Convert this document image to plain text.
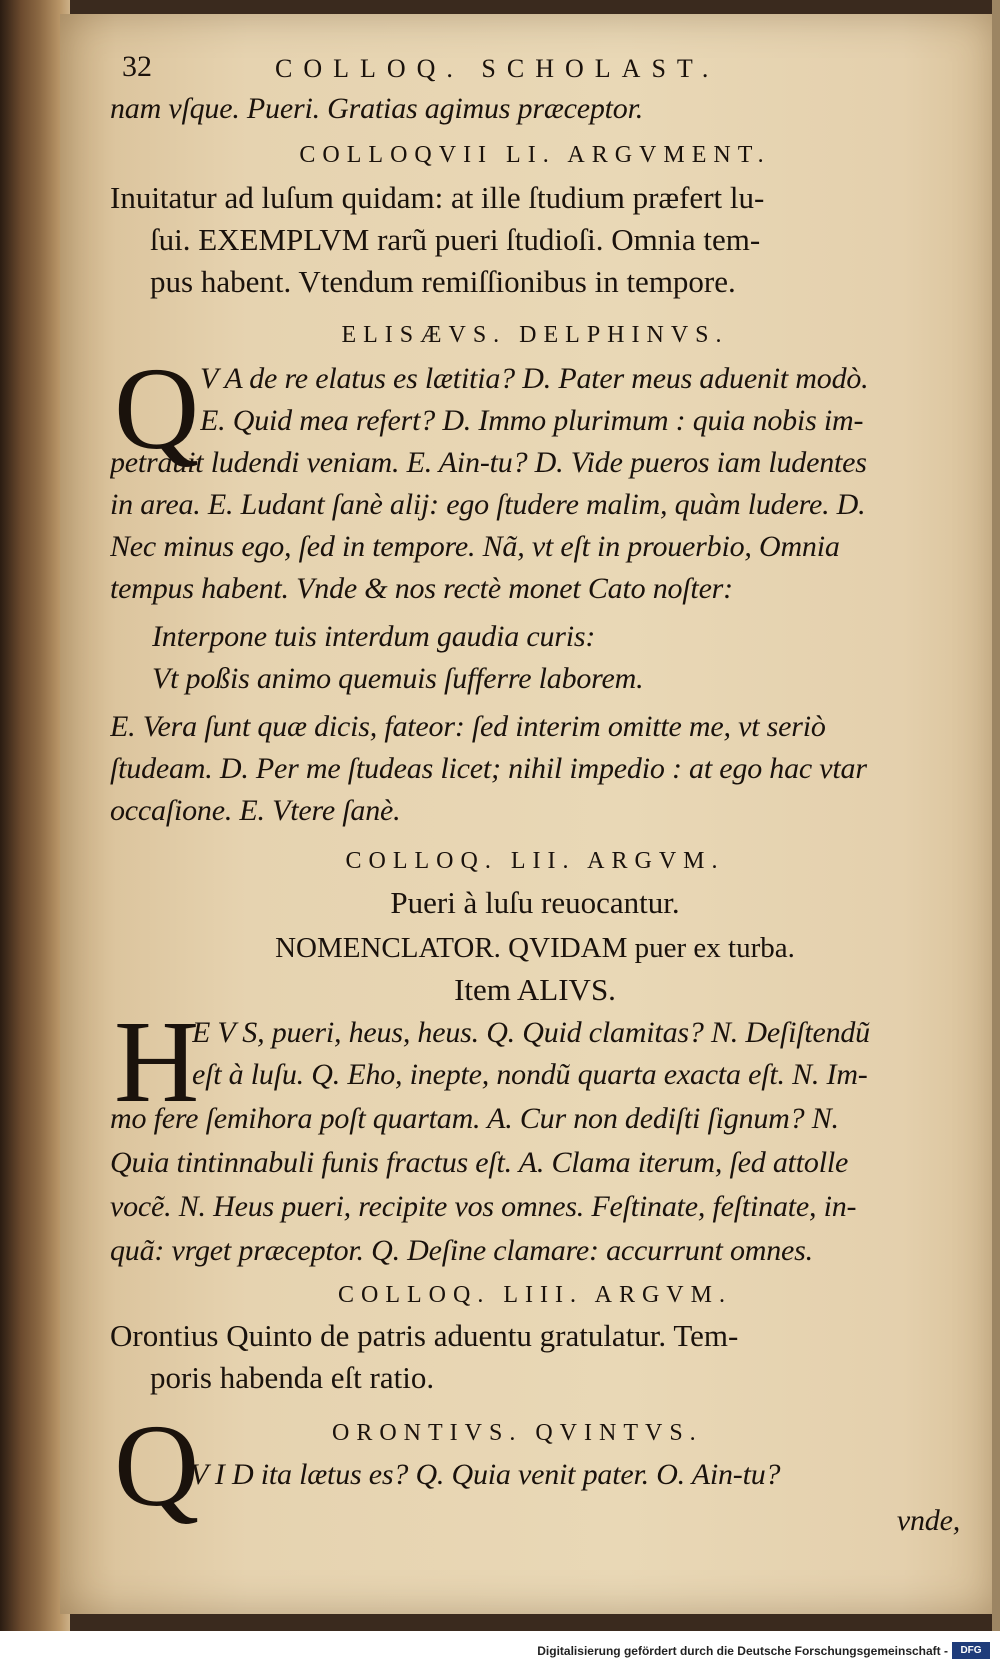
32	COLLOQ. SCHOLAST.
nam vſque. Pueri. Gratias agimus præceptor.
COLLOQVII LI. ARGVMENT.
Inuitatur ad luſum quidam: at ille ſtudium præfert lu-
ſui. EXEMPLVM rarũ pueri ſtudioſi. Omnia tem-
pus habent. Vtendum remiſſionibus in tempore.
ELISÆVS. DELPHINVS.
Q V A de re elatus es lætitia? D. Pater meus aduenit modò.
E. Quid mea refert? D. Immo plurimum : quia nobis im-
petrauit ludendi veniam. E. Ain-tu? D. Vide pueros iam ludentes
in area. E. Ludant ſanè alij: ego ſtudere malim, quàm ludere. D.
Nec minus ego, ſed in tempore. Nã, vt eſt in prouerbio, Omnia
tempus habent. Vnde & nos rectè monet Cato noſter:
Interpone tuis interdum gaudia curis:
Vt poßis animo quemuis ſufferre laborem.
E. Vera ſunt quæ dicis, fateor: ſed interim omitte me, vt seriò
ſtudeam. D. Per me ſtudeas licet; nihil impedio : at ego hac vtar
occaſione. E. Vtere ſanè.
COLLOQ. LII. ARGVM.
Pueri à luſu reuocantur.
NOMENCLATOR. QVIDAM puer ex turba.
Item ALIVS.
H
E V S, pueri, heus, heus. Q. Quid clamitas? N. Deſiſtendũ
eſt à luſu. Q. Eho, inepte, nondũ quarta exacta eſt. N. Im-
mo fere ſemihora poſt quartam. A. Cur non dediſti ſignum? N.
Quia tintinnabuli funis fractus eſt. A. Clama iterum, ſed attolle
vocẽ. N. Heus pueri, recipite vos omnes. Feſtinate, feſtinate, in-
quã: vrget præceptor. Q. Deſine clamare: accurrunt omnes.
COLLOQ. LIII. ARGVM.
Orontius Quinto de patris aduentu gratulatur. Tem-
poris habenda eſt ratio.
Q	ORONTIVS. QVINTVS.
V I D ita lætus es? Q. Quia venit pater. O. Ain-tu?
vnde,
Digitalisierung gefördert durch die Deutsche Forschungsgemeinschaft -	DFG
